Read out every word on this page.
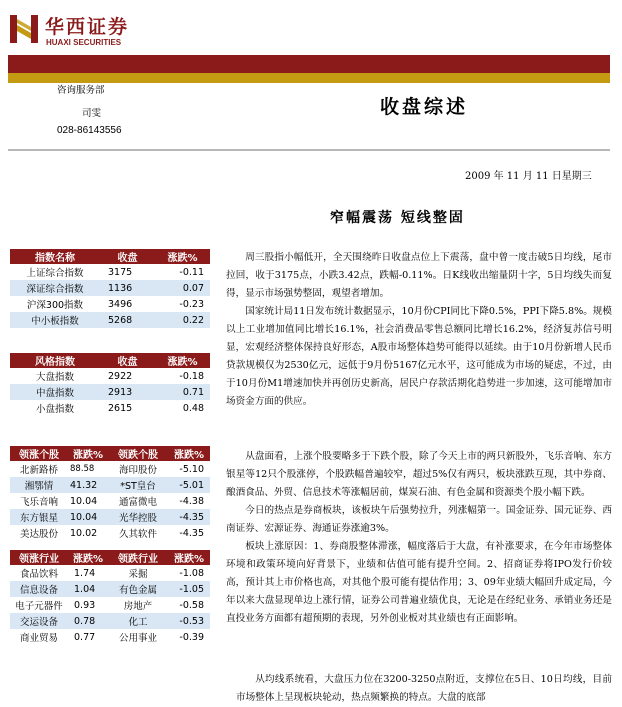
华西证券
HUAXI SECURITIES
咨询服务部
司雯
028-86143556
收盘综述
2009 年 11 月 11 日星期三
窄幅震荡 短线整固
指数名称	收盘	涨跌%
上证综合指数	3175	-0.11
深证综合指数	1136	0.07
沪深300指数	3496	-0.23
中小板指数	5268	0.22
风格指数	收盘	涨跌%
大盘指数	2922	-0.18
中盘指数	2913	0.71
小盘指数	2615	0.48
领涨个股	涨跌%	领跌个股	涨跌%
北新路桥	88.58	海印股份	-5.10
湘鄂情	41.32	*ST皇台	-5.01
飞乐音响	10.04	通富微电	-4.38
东方银星	10.04	光华控股	-4.35
美达股份	10.02	久其软件	-4.35
领涨行业	涨跌%	领跌行业	涨跌%
食品饮料	1.74	采掘	-1.08
信息设备	1.04	有色金属	-1.05
电子元器件	0.93	房地产	-0.58
交运设备	0.78	化工	-0.53
商业贸易	0.77	公用事业	-0.39

周三股指小幅低开，全天围绕昨日收盘点位上下震荡，盘中曾一度击破5日均线，尾市拉回，收于3175点，小跌3.42点，跌幅-0.11%。日K线收出缩量阴十字，5日均线失而复得，显示市场强势整固，观望者增加。

国家统计局11日发布统计数据显示，10月份CPI同比下降0.5%，PPI下降5.8%。规模以上工业增加值同比增长16.1%，社会消费品零售总额同比增长16.2%，经济复苏信号明显，宏观经济整体保持良好形态，A股市场整体趋势可能得以延续。由于10月份新增人民币贷款规模仅为2530亿元，远低于9月份5167亿元水平，这可能成为市场的疑虑，不过，由于10月份M1增速加快并再创历史新高，居民户存款活期化趋势进一步加速，这可能增加市场资金方面的供应。

从盘面看，上涨个股要略多于下跌个股，除了今天上市的两只新股外，飞乐音响、东方银星等12只个股涨停，个股跌幅普遍较窄，超过5%仅有两只，板块涨跌互现，其中券商、酿酒食品、外贸、信息技术等涨幅居前，煤炭石油、有色金属和资源类个股小幅下跌。

今日的热点是券商板块，该板块午后强势拉升，列涨幅第一。国金证券、国元证券、西南证券、宏源证券、海通证券涨逾3%。

板块上涨原因：1、券商股整体滞涨，幅度落后于大盘，有补涨要求，在今年市场整体环境和政策环境向好背景下，业绩和估值可能有提升空间。2、招商证券将IPO发行价较高，预计其上市价格也高，对其他个股可能有提估作用；3、09年业绩大幅回升成定局，今年以来大盘显现单边上涨行情，证券公司普遍业绩优良，无论是在经纪业务、承销业务还是直投业务方面都有超预期的表现，另外创业板对其业绩也有正面影响。

从均线系统看，大盘压力位在3200-3250点附近，支撑位在5日、10日均线，目前市场整体上呈现板块轮动，热点频繁换的特点。大盘的底部
